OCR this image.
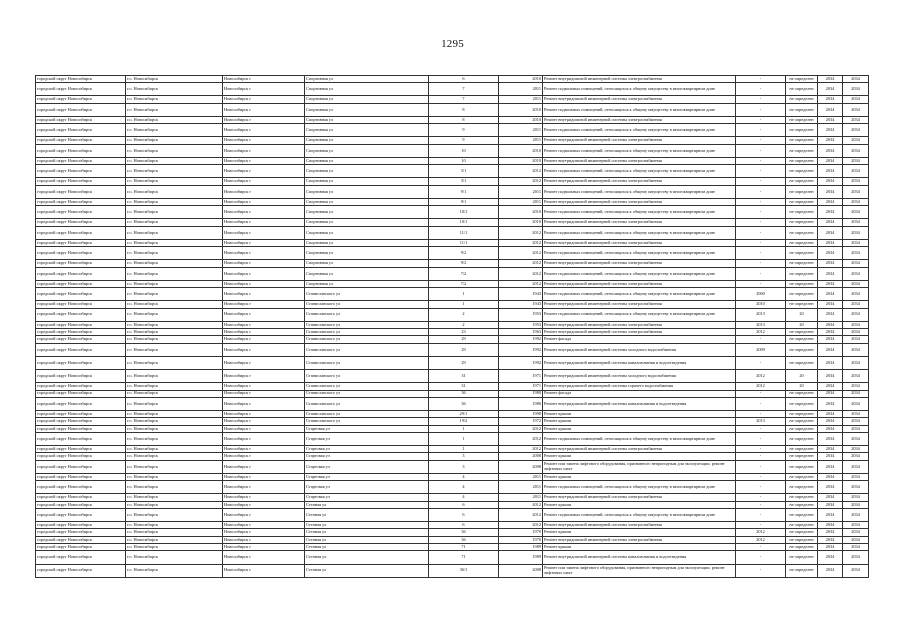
1295
городской округ Новосибирск	г.о. Новосибирск	Новосибирск г	Спортивная ул	6	2010	Ремонт внутридомовой инженерной системы электроснабжения	-	не определен	2034	2034
городской округ Новосибирск	г.о. Новосибирск	Новосибирск г	Спортивная ул	7	2011	Ремонт подвальных помещений, относящихся к общему имуществу в многоквартирном доме	-	не определен	2034	2034
городской округ Новосибирск	г.о. Новосибирск	Новосибирск г	Спортивная ул	7	2011	Ремонт внутридомовой инженерной системы электроснабжения	-	не определен	2034	2034
городской округ Новосибирск	г.о. Новосибирск	Новосибирск г	Спортивная ул	8	2010	Ремонт подвальных помещений, относящихся к общему имуществу в многоквартирном доме	-	не определен	2034	2034
городской округ Новосибирск	г.о. Новосибирск	Новосибирск г	Спортивная ул	8	2010	Ремонт внутридомовой инженерной системы электроснабжения	-	не определен	2034	2034
городской округ Новосибирск	г.о. Новосибирск	Новосибирск г	Спортивная ул	9	2011	Ремонт подвальных помещений, относящихся к общему имуществу в многоквартирном доме	-	не определен	2034	2034
городской округ Новосибирск	г.о. Новосибирск	Новосибирск г	Спортивная ул	9	2011	Ремонт внутридомовой инженерной системы электроснабжения	-	не определен	2034	2034
городской округ Новосибирск	г.о. Новосибирск	Новосибирск г	Спортивная ул	10	2010	Ремонт подвальных помещений, относящихся к общему имуществу в многоквартирном доме	-	не определен	2034	2034
городской округ Новосибирск	г.о. Новосибирск	Новосибирск г	Спортивная ул	10	2010	Ремонт внутридомовой инженерной системы электроснабжения	-	не определен	2034	2034
городской округ Новосибирск	г.о. Новосибирск	Новосибирск г	Спортивная ул	3/1	2012	Ремонт подвальных помещений, относящихся к общему имуществу в многоквартирном доме	-	не определен	2034	2034
городской округ Новосибирск	г.о. Новосибирск	Новосибирск г	Спортивная ул	3/1	2012	Ремонт внутридомовой инженерной системы электроснабжения	-	не определен	2034	2034
городской округ Новосибирск	г.о. Новосибирск	Новосибирск г	Спортивная ул	9/1	2011	Ремонт подвальных помещений, относящихся к общему имуществу в многоквартирном доме	-	не определен	2034	2034
городской округ Новосибирск	г.о. Новосибирск	Новосибирск г	Спортивная ул	9/1	2011	Ремонт внутридомовой инженерной системы электроснабжения	-	не определен	2034	2034
городской округ Новосибирск	г.о. Новосибирск	Новосибирск г	Спортивная ул	10/1	2010	Ремонт подвальных помещений, относящихся к общему имуществу в многоквартирном доме	-	не определен	2034	2034
городской округ Новосибирск	г.о. Новосибирск	Новосибирск г	Спортивная ул	10/1	2010	Ремонт внутридомовой инженерной системы электроснабжения	-	не определен	2034	2034
городской округ Новосибирск	г.о. Новосибирск	Новосибирск г	Спортивная ул	11/1	2012	Ремонт подвальных помещений, относящихся к общему имуществу в многоквартирном доме	-	не определен	2034	2034
городской округ Новосибирск	г.о. Новосибирск	Новосибирск г	Спортивная ул	11/1	2012	Ремонт внутридомовой инженерной системы электроснабжения	-	не определен	2034	2034
городской округ Новосибирск	г.о. Новосибирск	Новосибирск г	Спортивная ул	9/2	2012	Ремонт подвальных помещений, относящихся к общему имуществу в многоквартирном доме	-	не определен	2034	2034
городской округ Новосибирск	г.о. Новосибирск	Новосибирск г	Спортивная ул	9/2	2012	Ремонт внутридомовой инженерной системы электроснабжения	-	не определен	2034	2034
городской округ Новосибирск	г.о. Новосибирск	Новосибирск г	Спортивная ул	7/2	2012	Ремонт подвальных помещений, относящихся к общему имуществу в многоквартирном доме	-	не определен	2034	2034
городской округ Новосибирск	г.о. Новосибирск	Новосибирск г	Спортивная ул	7/2	2012	Ремонт внутридомовой инженерной системы электроснабжения	-	не определен	2034	2034
городской округ Новосибирск	г.о. Новосибирск	Новосибирск г	Станиславского ул	1	1943	Ремонт подвальных помещений, относящихся к общему имуществу в многоквартирном доме	2900	не определен	2034	2034
городской округ Новосибирск	г.о. Новосибирск	Новосибирск г	Станиславского ул	1	1943	Ремонт внутридомовой инженерной системы электроснабжения	2010	не определен	2034	2034
городской округ Новосибирск	г.о. Новосибирск	Новосибирск г	Станиславского ул	2	1953	Ремонт подвальных помещений, относящихся к общему имуществу в многоквартирном доме	2013	20	2034	2034
городской округ Новосибирск	г.о. Новосибирск	Новосибирск г	Станиславского ул	2	1953	Ремонт внутридомовой инженерной системы электроснабжения	2013	20	2034	2034
городской округ Новосибирск	г.о. Новосибирск	Новосибирск г	Станиславского ул	23	1963	Ремонт внутридомовой инженерной системы электроснабжения	2012	не определен	2034	2034
городской округ Новосибирск	г.о. Новосибирск	Новосибирск г	Станиславского ул	29	1992	Ремонт фасада	-	не определен	2034	2034
городской округ Новосибирск	г.о. Новосибирск	Новосибирск г	Станиславского ул	29	1992	Ремонт внутридомовой инженерной системы холодного водоснабжения	2009	не определен	2034	2034
городской округ Новосибирск	г.о. Новосибирск	Новосибирск г	Станиславского ул	29	1992	Ремонт внутридомовой инженерной системы канализования и водоотведения	-	не определен	2034	2034
городской округ Новосибирск	г.о. Новосибирск	Новосибирск г	Станиславского ул	31	1971	Ремонт внутридомовой инженерной системы холодного водоснабжения	2012	20	2034	2034
городской округ Новосибирск	г.о. Новосибирск	Новосибирск г	Станиславского ул	31	1971	Ремонт внутридомовой инженерной системы горячего водоснабжения	2012	20	2034	2034
городской округ Новосибирск	г.о. Новосибирск	Новосибирск г	Станиславского ул	36	1980	Ремонт фасада	-	не определен	2034	2034
городской округ Новосибирск	г.о. Новосибирск	Новосибирск г	Станиславского ул	36	1980	Ремонт внутридомовой инженерной системы канализования и водоотведения	-	не определен	2034	2034
городской округ Новосибирск	г.о. Новосибирск	Новосибирск г	Станиславского ул	29/1	1998	Ремонт крыши	-	не определен	2034	2034
городской округ Новосибирск	г.о. Новосибирск	Новосибирск г	Станиславского ул	19/2	1972	Ремонт крыши	2013	не определен	2034	2034
городской округ Новосибирск	г.о. Новосибирск	Новосибирск г	Стартовая ул	1	2012	Ремонт крыши	-	не определен	2034	2034
городской округ Новосибирск	г.о. Новосибирск	Новосибирск г	Стартовая ул	1	2012	Ремонт подвальных помещений, относящихся к общему имуществу в многоквартирном доме	-	не определен	2034	2034
городской округ Новосибирск	г.о. Новосибирск	Новосибирск г	Стартовая ул	1	2012	Ремонт внутридомовой инженерной системы электроснабжения	-	не определен	2034	2034
городской округ Новосибирск	г.о. Новосибирск	Новосибирск г	Стартовая ул	3	2008	Ремонт крыши	-	не определен	2034	2034
городской округ Новосибирск	г.о. Новосибирск	Новосибирск г	Стартовая ул	3	2008	Ремонт или замена лифтового оборудования, признанного непригодным для эксплуатации, ремонт лифтовых шахт	-	не определен	2034	2034
городской округ Новосибирск	г.о. Новосибирск	Новосибирск г	Стартовая ул	4	2011	Ремонт крыши	-	не определен	2034	2034
городской округ Новосибирск	г.о. Новосибирск	Новосибирск г	Стартовая ул	4	2011	Ремонт подвальных помещений, относящихся к общему имуществу в многоквартирном доме	-	не определен	2034	2034
городской округ Новосибирск	г.о. Новосибирск	Новосибирск г	Стартовая ул	4	2011	Ремонт внутридомовой инженерной системы электроснабжения	-	не определен	2034	2034
городской округ Новосибирск	г.о. Новосибирск	Новосибирск г	Степная ул	6	2012	Ремонт крыши	-	не определен	2034	2034
городской округ Новосибирск	г.о. Новосибирск	Новосибирск г	Степная ул	6	2012	Ремонт подвальных помещений, относящихся к общему имуществу в многоквартирном доме	-	не определен	2034	2034
городской округ Новосибирск	г.о. Новосибирск	Новосибирск г	Степная ул	6	2012	Ремонт внутридомовой инженерной системы электроснабжения	-	не определен	2034	2034
городской округ Новосибирск	г.о. Новосибирск	Новосибирск г	Степная ул	36	1970	Ремонт крыши	2012	не определен	2034	2034
городской округ Новосибирск	г.о. Новосибирск	Новосибирск г	Степная ул	36	1970	Ремонт внутридомовой инженерной системы электроснабжения	2012	не определен	2034	2034
городской округ Новосибирск	г.о. Новосибирск	Новосибирск г	Степная ул	71	1989	Ремонт крыши	-	не определен	2034	2034
городской округ Новосибирск	г.о. Новосибирск	Новосибирск г	Степная ул	71	1989	Ремонт внутридомовой инженерной системы канализования и водоотведения	-	не определен	2034	2034
городской округ Новосибирск	г.о. Новосибирск	Новосибирск г	Степная ул	36/1	2008	Ремонт или замена лифтового оборудования, признанного непригодным для эксплуатации, ремонт лифтовых шахт	-	не определен	2034	2034
